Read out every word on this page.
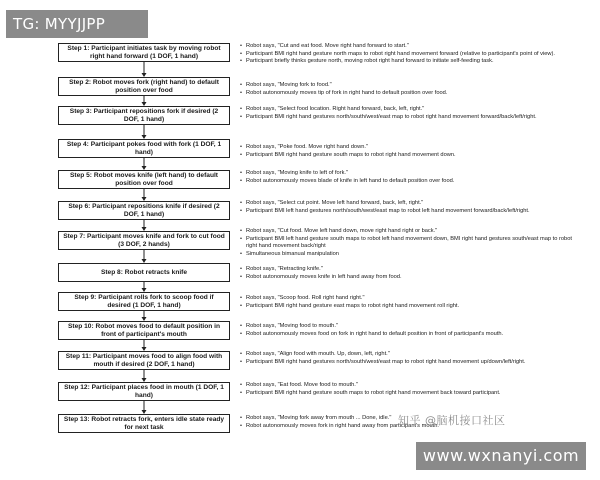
TG: MYYJJPP
Step 1: Participant initiates task by moving robot right hand forward (1 DOF, 1 hand)
• Robot says, "Cut and eat food. Move right hand forward to start."
• Participant BMI right hand gesture north maps to robot right hand movement forward (relative to participant's point of view).
• Participant briefly thinks gesture north, moving robot right hand forward to initiate self-feeding task.
Step 2: Robot moves fork (right hand) to default position over food
• Robot says, "Moving fork to food."
• Robot autonomously moves tip of fork in right hand to default position over food.
Step 3: Participant repositions fork if desired (2 DOF, 1 hand)
• Robot says, "Select food location. Right hand forward, back, left, right."
• Participant BMI right hand gestures north/south/west/east map to robot right hand movement forward/back/left/right.
Step 4: Participant pokes food with fork (1 DOF, 1 hand)
• Robot says, "Poke food. Move right hand down."
• Participant BMI right hand gesture south maps to robot right hand movement down.
Step 5: Robot moves knife (left hand) to default position over food
• Robot says, "Moving knife to left of fork."
• Robot autonomously moves blade of knife in left hand to default position over food.
Step 6: Participant repositions knife if desired (2 DOF, 1 hand)
• Robot says, "Select cut point. Move left hand forward, back, left, right."
• Participant BMI left hand gestures north/south/west/east map to robot left hand movement forward/back/left/right.
Step 7: Participant moves knife and fork to cut food (3 DOF, 2 hands)
• Robot says, "Cut food. Move left hand down, move right hand right or back."
• Participant BMI left hand gesture south maps to robot left hand movement down, BMI right hand gestures south/east map to robot right hand movement back/right
• Simultaneous bimanual manipulation
Step 8: Robot retracts knife
•	Robot says, "Retracting knife."
• Robot autonomously moves knife in left hand away from food.
Step 9: Participant rolls fork to scoop food if desired (1 DOF, 1 hand)
• Robot says, "Scoop food. Roll right hand right."
• Participant BMI right hand gesture east maps to robot right hand movement roll right.
Step 10: Robot moves food to default position in front of participant's mouth
• Robot says, "Moving food to mouth."
• Robot autonomously moves food on fork in right hand to default position in front of participant's mouth.
Step 11: Participant moves food to align food with mouth if desired (2 DOF, 1 hand)
• Robot says, "Align food with mouth. Up, down, left, right."
• Participant BMI right hand gestures north/south/west/east map to robot right hand movement up/down/left/right.
Step 12: Participant places food in mouth (1 DOF, 1 hand)
• Robot says, "Eat food. Move food to mouth."
• Participant BMI right hand gesture south maps to robot right hand movement back toward participant.
Step 13: Robot retracts fork, enters idle state ready for next task
• Robot says, "Moving fork away from mouth ... Done, idle."
• Robot autonomously moves fork in right hand away from participant's mouth.
知乎 @脑机接口社区
www.wxnanyi.com
